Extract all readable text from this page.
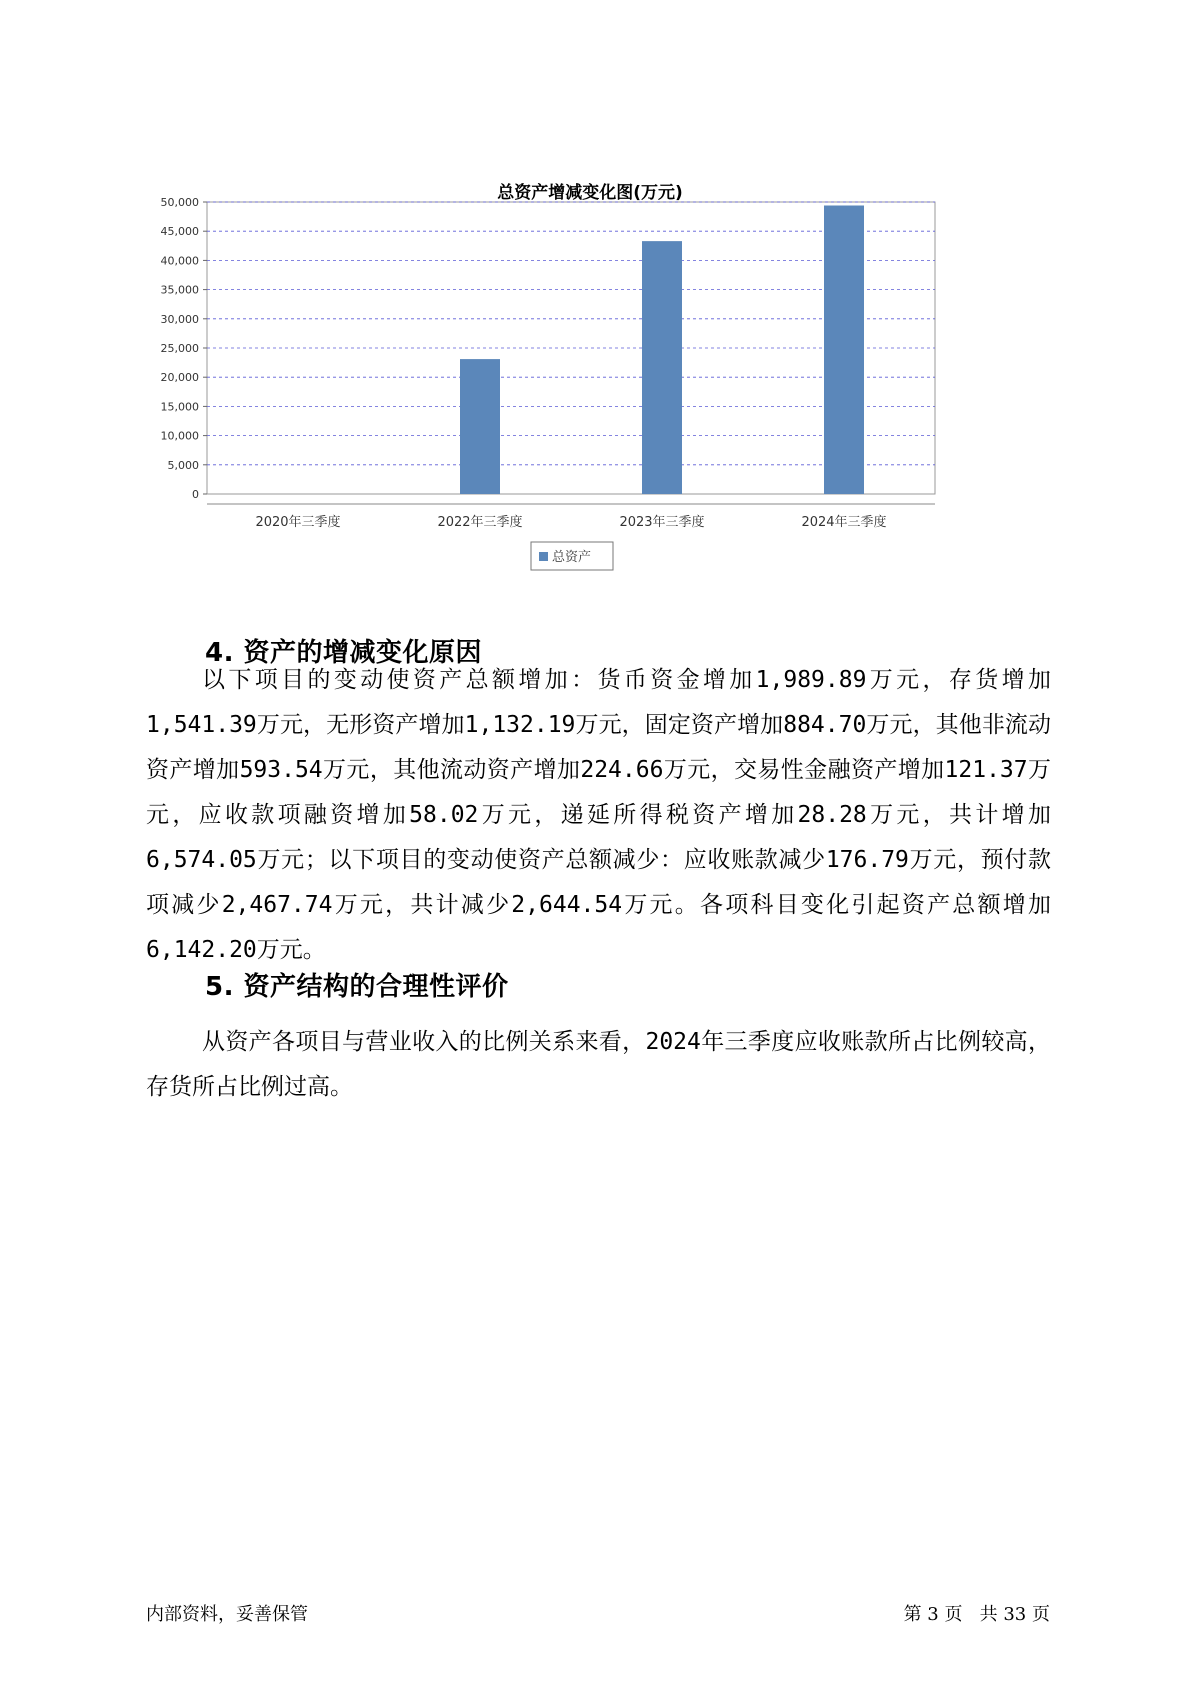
0
5,000
10,000
15,000
20,000
25,000
30,000
35,000
40,000
45,000
50,000
2020年三季度	2022年三季度	2023年三季度	2024年三季度
总资产
总资产增减变化图(万元)
4. 资产的增减变化原因
以下项目的变动使资产总额增加：货币资金增加1,989.89万元，存货增加1,541.39万元，无形资产增加1,132.19万元，固定资产增加884.70万元，其他非流动资产增加593.54万元，其他流动资产增加224.66万元，交易性金融资产增加121.37万元，应收款项融资增加58.02万元，递延所得税资产增加28.28万元，共计增加6,574.05万元；以下项目的变动使资产总额减少：应收账款减少176.79万元，预付款项减少2,467.74万元，共计减少2,644.54万元。各项科目变化引起资产总额增加6,142.20万元。
5. 资产结构的合理性评价
从资产各项目与营业收入的比例关系来看，2024年三季度应收账款所占比例较高，存货所占比例过高。
内部资料，妥善保管	第 3 页   共 33 页
